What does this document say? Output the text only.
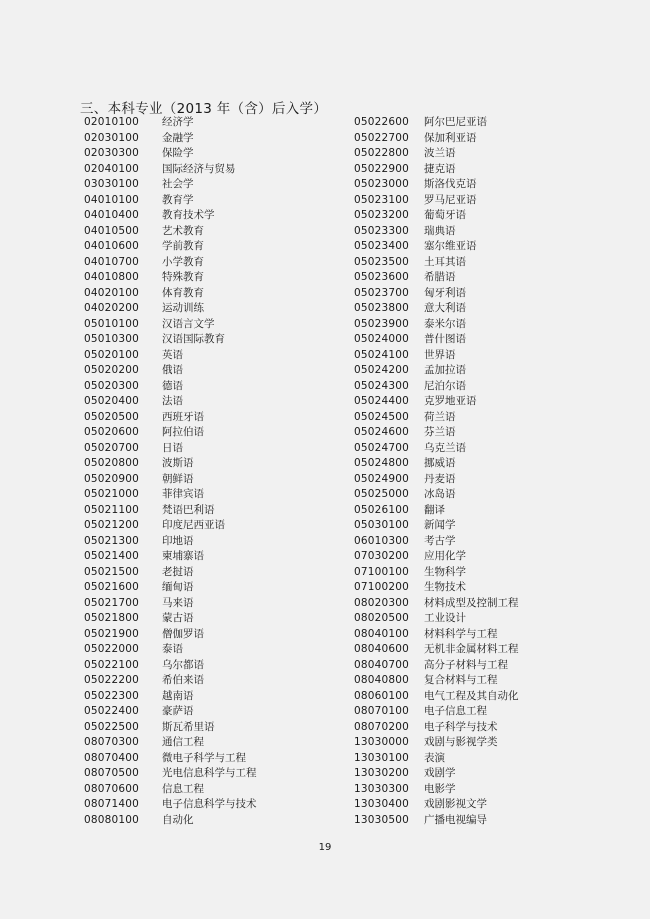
三、本科专业（2013 年（含）后入学）
02010100 经济学
02030100 金融学
02030300 保险学
02040100 国际经济与贸易
03030100 社会学
04010100 教育学
04010400 教育技术学
04010500 艺术教育
04010600 学前教育
04010700 小学教育
04010800 特殊教育
04020100 体育教育
04020200 运动训练
05010100 汉语言文学
05010300 汉语国际教育
05020100 英语
05020200 俄语
05020300 德语
05020400 法语
05020500 西班牙语
05020600 阿拉伯语
05020700 日语
05020800 波斯语
05020900 朝鲜语
05021000 菲律宾语
05021100 梵语巴利语
05021200 印度尼西亚语
05021300 印地语
05021400 柬埔寨语
05021500 老挝语
05021600 缅甸语
05021700 马来语
05021800 蒙古语
05021900 僧伽罗语
05022000 泰语
05022100 乌尔都语
05022200 希伯来语
05022300 越南语
05022400 豪萨语
05022500 斯瓦希里语
08070300 通信工程
08070400 微电子科学与工程
08070500 光电信息科学与工程
08070600 信息工程
08071400 电子信息科学与技术
08080100 自动化
05022600 阿尔巴尼亚语
05022700 保加利亚语
05022800 波兰语
05022900 捷克语
05023000 斯洛伐克语
05023100 罗马尼亚语
05023200 葡萄牙语
05023300 瑞典语
05023400 塞尔维亚语
05023500 土耳其语
05023600 希腊语
05023700 匈牙利语
05023800 意大利语
05023900 泰米尔语
05024000 普什图语
05024100 世界语
05024200 孟加拉语
05024300 尼泊尔语
05024400 克罗地亚语
05024500 荷兰语
05024600 芬兰语
05024700 乌克兰语
05024800 挪威语
05024900 丹麦语
05025000 冰岛语
05026100 翻译
05030100 新闻学
06010300 考古学
07030200 应用化学
07100100 生物科学
07100200 生物技术
08020300 材料成型及控制工程
08020500 工业设计
08040100 材料科学与工程
08040600 无机非金属材料工程
08040700 高分子材料与工程
08040800 复合材料与工程
08060100 电气工程及其自动化
08070100 电子信息工程
08070200 电子科学与技术
13030000 戏剧与影视学类
13030100 表演
13030200 戏剧学
13030300 电影学
13030400 戏剧影视文学
13030500 广播电视编导
19
